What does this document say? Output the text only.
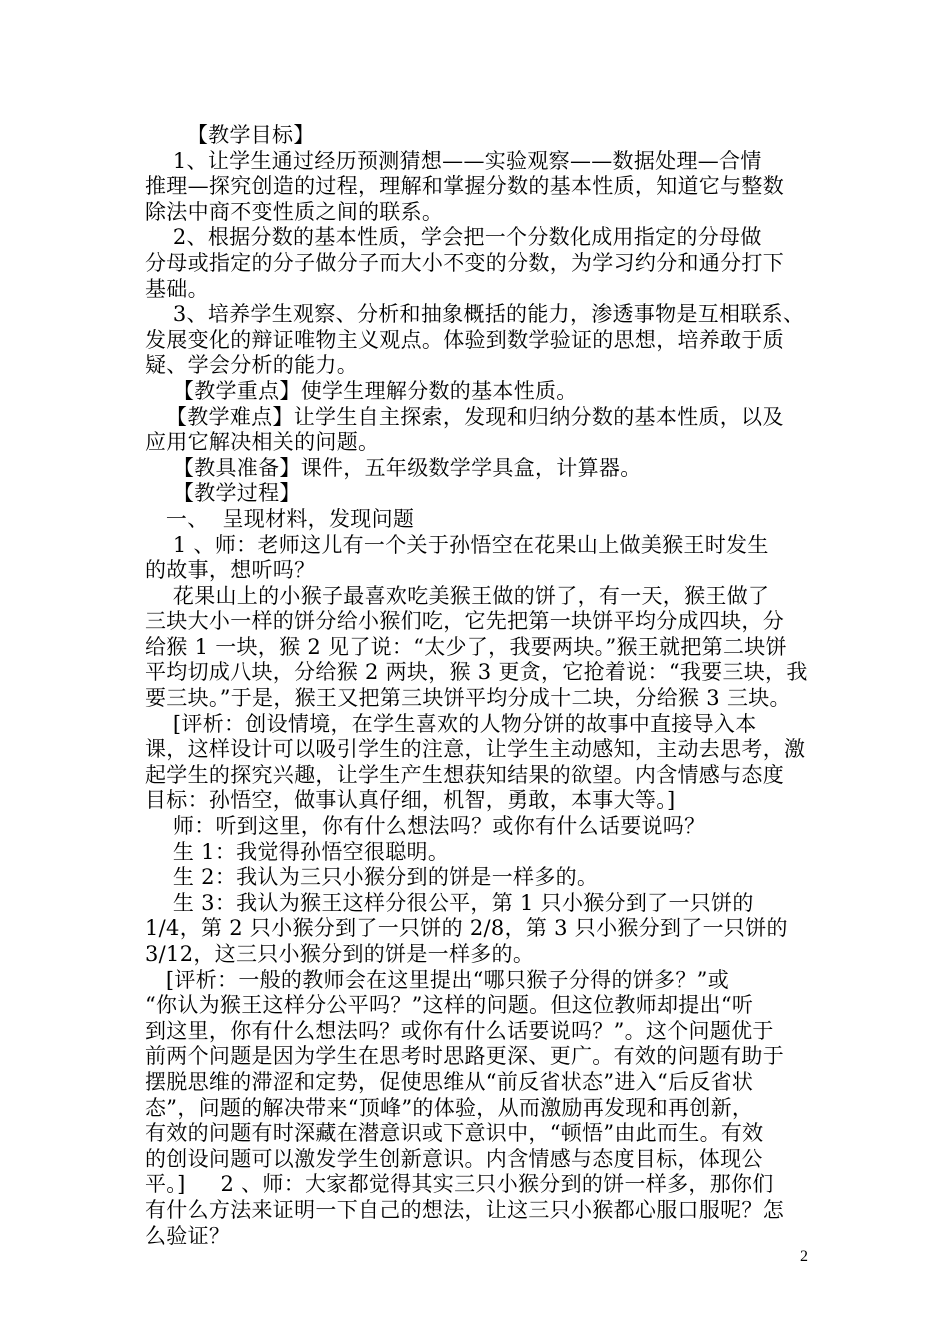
【教学目标】
1、让学生通过经历预测猜想——实验观察——数据处理—合情
推理—探究创造的过程，理解和掌握分数的基本性质，知道它与整数
除法中商不变性质之间的联系。
2、根据分数的基本性质，学会把一个分数化成用指定的分母做
分母或指定的分子做分子而大小不变的分数，为学习约分和通分打下
基础。
3、培养学生观察、分析和抽象概括的能力，渗透事物是互相联系、
发展变化的辩证唯物主义观点。体验到数学验证的思想，培养敢于质
疑、学会分析的能力。
【教学重点】使学生理解分数的基本性质。
【教学难点】让学生自主探索，发现和归纳分数的基本性质，以及
应用它解决相关的问题。
【教具准备】课件，五年级数学学具盒，计算器。
【教学过程】
一、  呈现材料，发现问题
1 、师：老师这儿有一个关于孙悟空在花果山上做美猴王时发生
的故事，想听吗？
花果山上的小猴子最喜欢吃美猴王做的饼了，有一天，猴王做了
三块大小一样的饼分给小猴们吃，它先把第一块饼平均分成四块，分
给猴 1 一块，猴 2 见了说：“太少了，我要两块。”猴王就把第二块饼
平均切成八块，分给猴 2 两块，猴 3 更贪，它抢着说：“我要三块，我
要三块。”于是，猴王又把第三块饼平均分成十二块，分给猴 3 三块。
[评析：创设情境，在学生喜欢的人物分饼的故事中直接导入本
课，这样设计可以吸引学生的注意，让学生主动感知，主动去思考，激
起学生的探究兴趣，让学生产生想获知结果的欲望。内含情感与态度
目标：孙悟空，做事认真仔细，机智，勇敢，本事大等。]
师：听到这里，你有什么想法吗？或你有什么话要说吗？
生 1：我觉得孙悟空很聪明。
生 2：我认为三只小猴分到的饼是一样多的。
生 3：我认为猴王这样分很公平，第 1 只小猴分到了一只饼的
1/4，第 2 只小猴分到了一只饼的 2/8，第 3 只小猴分到了一只饼的
3/12，这三只小猴分到的饼是一样多的。
[评析：一般的教师会在这里提出“哪只猴子分得的饼多？”或
“你认为猴王这样分公平吗？”这样的问题。但这位教师却提出“听
到这里，你有什么想法吗？或你有什么话要说吗？”。这个问题优于
前两个问题是因为学生在思考时思路更深、更广。有效的问题有助于
摆脱思维的滞涩和定势，促使思维从“前反省状态”进入“后反省状
态”，问题的解决带来“顶峰”的体验，从而激励再发现和再创新，
有效的问题有时深藏在潜意识或下意识中，“顿悟”由此而生。有效
的创设问题可以激发学生创新意识。内含情感与态度目标，体现公
平。]     2 、师：大家都觉得其实三只小猴分到的饼一样多，那你们
有什么方法来证明一下自己的想法，让这三只小猴都心服口服呢？怎
么验证？
2
